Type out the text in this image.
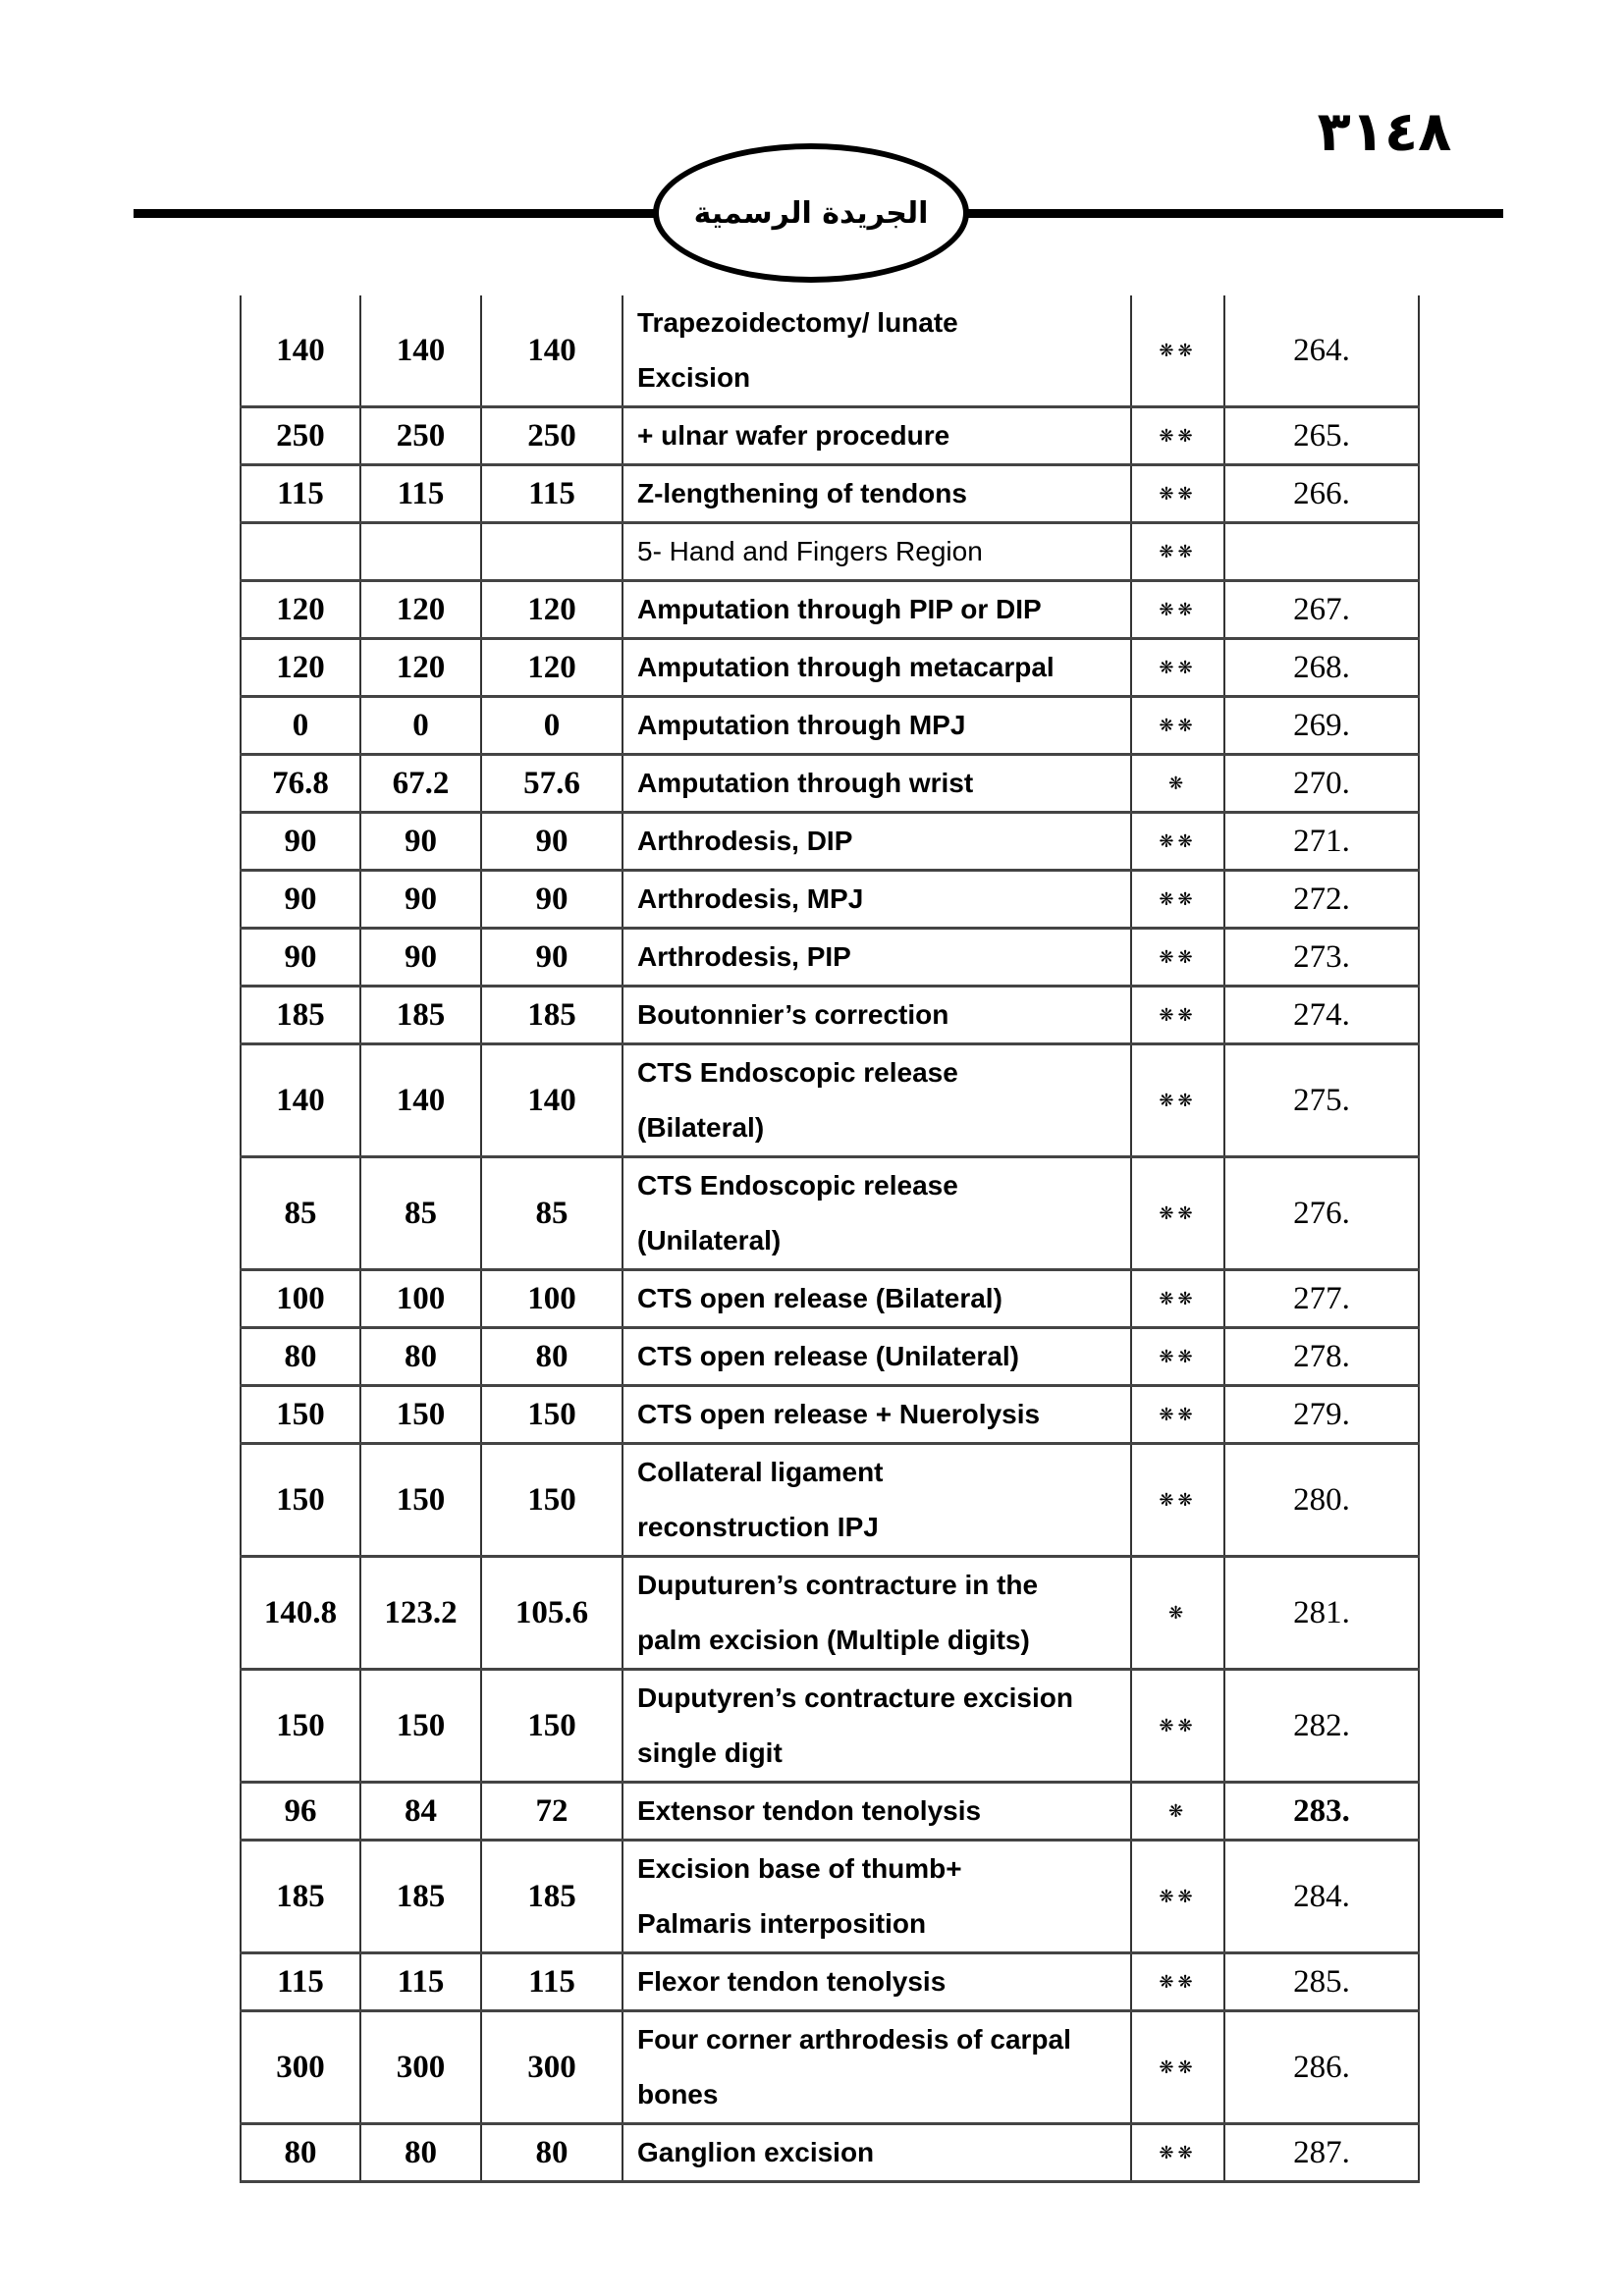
٣١٤٨
الجريدة الرسمية
140	140	140	Trapezoidectomy/ lunate
Excision	❋❋	264.
250	250	250	+ ulnar wafer procedure	❋❋	265.
115	115	115	Z-lengthening of tendons	❋❋	266.

			5- Hand and Fingers Region	❋❋	
120	120	120	Amputation through PIP or DIP	❋❋	267.
120	120	120	Amputation through metacarpal	❋❋	268.
0	0	0	Amputation through MPJ	❋❋	269.
76.8	67.2	57.6	Amputation through wrist	❋	270.
90	90	90	Arthrodesis, DIP	❋❋	271.
90	90	90	Arthrodesis, MPJ	❋❋	272.
90	90	90	Arthrodesis, PIP	❋❋	273.
185	185	185	Boutonnier’s correction	❋❋	274.
140	140	140	CTS Endoscopic release
(Bilateral)	❋❋	275.
85	85	85	CTS Endoscopic release
(Unilateral)	❋❋	276.
100	100	100	CTS open release (Bilateral)	❋❋	277.
80	80	80	CTS open release (Unilateral)	❋❋	278.
150	150	150	CTS open release + Nuerolysis	❋❋	279.
150	150	150	Collateral ligament
reconstruction IPJ	❋❋	280.
140.8	123.2	105.6	Duputuren’s contracture in the
palm excision (Multiple digits)	❋	281.
150	150	150	Duputyren’s contracture excision
single digit	❋❋	282.
96	84	72	Extensor tendon tenolysis	❋	283.
185	185	185	Excision base of thumb+
Palmaris interposition	❋❋	284.
115	115	115	Flexor tendon tenolysis	❋❋	285.
300	300	300	Four corner arthrodesis of carpal
bones	❋❋	286.
80	80	80	Ganglion excision	❋❋	287.
